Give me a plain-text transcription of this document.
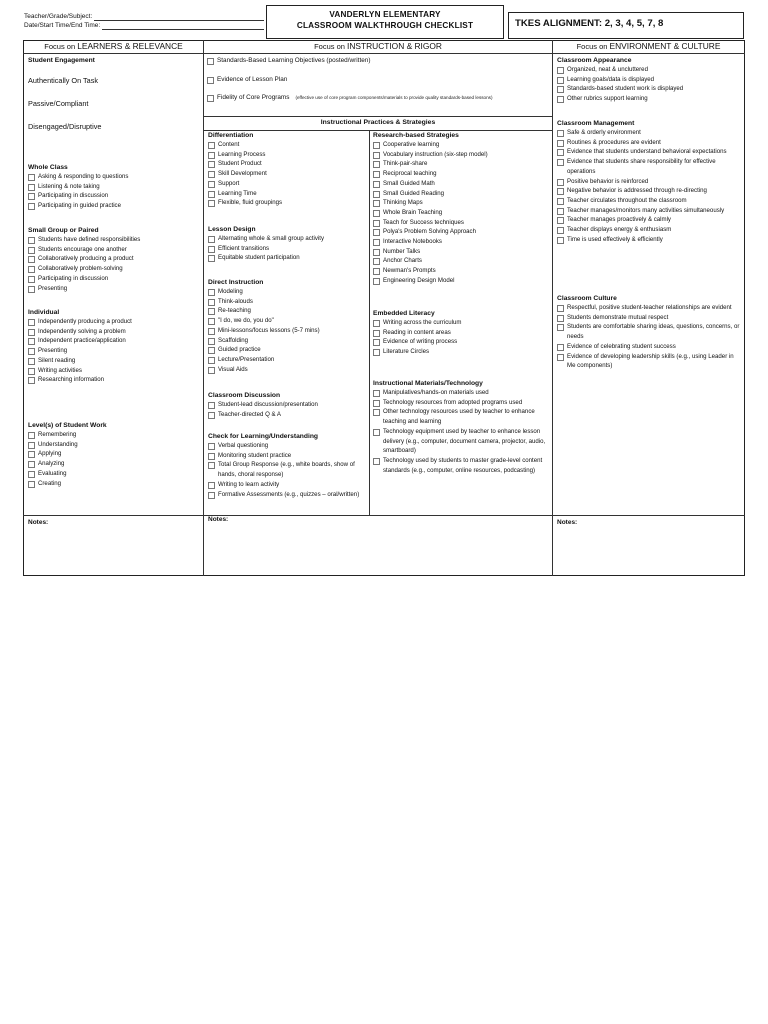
Teacher/Grade/Subject:
Date/Start Time/End Time:
VANDERLYN ELEMENTARY
CLASSROOM WALKTHROUGH CHECKLIST	TKES ALIGNMENT: 2, 3, 4, 5, 7, 8
Focus on LEARNERS & RELEVANCE	Focus on INSTRUCTION & RIGOR	Focus on ENVIRONMENT & CULTURE
Student Engagement
Authentically On Task
Passive/Compliant
Disengaged/Disruptive
Whole Class
Asking & responding to questions
Listening & note taking
Participating in discussion
Participating in guided practice
Small Group or Paired
Students have defined responsibilities
Students encourage one another
Collaboratively producing a product
Collaboratively problem-solving
Participating in discussion
Presenting
Individual
Independently producing a product
Independently solving a problem
Independent practice/application
Presenting
Silent reading
Writing activities
Researching information
Level(s) of Student Work
Remembering
Understanding
Applying
Analyzing
Evaluating
Creating
Notes:
Standards-Based Learning Objectives (posted/written)
Evidence of Lesson Plan
Fidelity of Core Programs (effective use of core program components/materials to provide quality standards-based lessons)
Instructional Practices & Strategies
Differentiation
Content
Learning Process
Student Product
Skill Development
Support
Learning Time
Flexible, fluid groupings
Lesson Design
Alternating whole & small group activity
Efficient transitions
Equitable student participation
Direct Instruction
Modeling
Think-alouds
Re-teaching
"I do, we do, you do"
Mini-lessons/focus lessons (5-7 mins)
Scaffolding
Guided practice
Lecture/Presentation
Visual Aids
Classroom Discussion
Student-lead discussion/presentation
Teacher-directed Q & A
Check for Learning/Understanding
Verbal questioning
Monitoring student practice
Total Group Response (e.g., white boards, show of hands, choral response)
Writing to learn activity
Formative Assessments (e.g., quizzes – oral/written)
Notes:
Research-based Strategies
Cooperative learning
Vocabulary instruction (six-step model)
Think-pair-share
Reciprocal teaching
Small Guided Math
Small Guided Reading
Thinking Maps
Whole Brain Teaching
Teach for Success techniques
Polya's Problem Solving Approach
Interactive Notebooks
Number Talks
Anchor Charts
Newman's Prompts
Engineering Design Model
Embedded Literacy
Writing across the curriculum
Reading in content areas
Evidence of writing process
Literature Circles
Instructional Materials/Technology
Manipulatives/hands-on materials used
Technology resources from adopted programs used
Other technology resources used by teacher to enhance teaching and learning
Technology equipment used by teacher to enhance lesson delivery (e.g., computer, document camera, projector, audio, smartboard)
Technology used by students to master grade-level content standards (e.g., computer, online resources, podcasting)
Classroom Appearance
Organized, neat & uncluttered
Learning goals/data is displayed
Standards-based student work is displayed
Other rubrics support learning
Classroom Management
Safe & orderly environment
Routines & procedures are evident
Evidence that students understand behavioral expectations
Evidence that students share responsibility for effective operations
Positive behavior is reinforced
Negative behavior is addressed through re-directing
Teacher circulates throughout the classroom
Teacher manages/monitors many activities simultaneously
Teacher manages proactively & calmly
Teacher displays energy & enthusiasm
Time is used effectively & efficiently
Classroom Culture
Respectful, positive student-teacher relationships are evident
Students demonstrate mutual respect
Students are comfortable sharing ideas, questions, concerns, or needs
Evidence of celebrating student success
Evidence of developing leadership skills (e.g., using Leader in Me components)
Notes:
